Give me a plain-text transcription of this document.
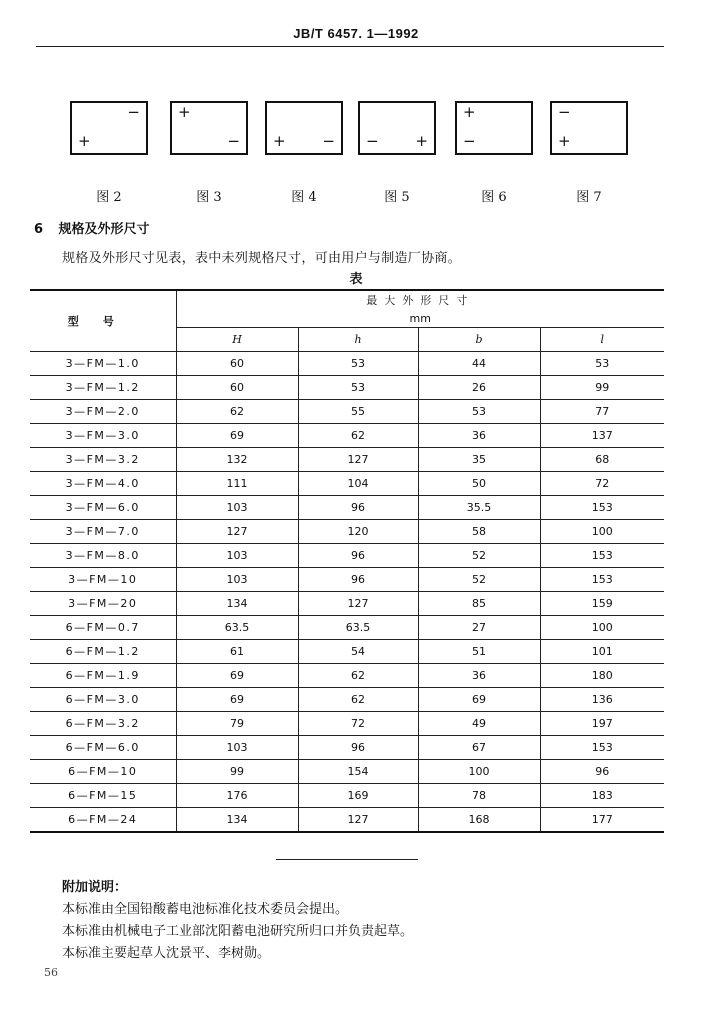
JB/T 6457. 1—1992
−
+
图 2
+
−
图 3
+ −
图 4
− +
图 5
+
−
图 6
−
+
图 7
6 规格及外形尺寸
规格及外形尺寸见表，表中未列规格尺寸，可由用户与制造厂协商。
表
型号	最大外形尺寸			
	mm			
	H	h	b	l
3—FM—1.0	60	53	44	53
3—FM—1.2	60	53	26	99
3—FM—2.0	62	55	53	77
3—FM—3.0	69	62	36	137
3—FM—3.2	132	127	35	68
3—FM—4.0	111	104	50	72
3—FM—6.0	103	96	35.5	153
3—FM—7.0	127	120	58	100
3—FM—8.0	103	96	52	153
3—FM—10	103	96	52	153
3—FM—20	134	127	85	159
6—FM—0.7	63.5	63.5	27	100
6—FM—1.2	61	54	51	101
6—FM—1.9	69	62	36	180
6—FM—3.0	69	62	69	136
6—FM—3.2	79	72	49	197
6—FM—6.0	103	96	67	153
6—FM—10	99	154	100	96
6—FM—15	176	169	78	183
6—FM—24	134	127	168	177
附加说明：
本标准由全国铅酸蓄电池标准化技术委员会提出。
本标准由机械电子工业部沈阳蓄电池研究所归口并负责起草。
本标准主要起草人沈景平、李树勋。
56
